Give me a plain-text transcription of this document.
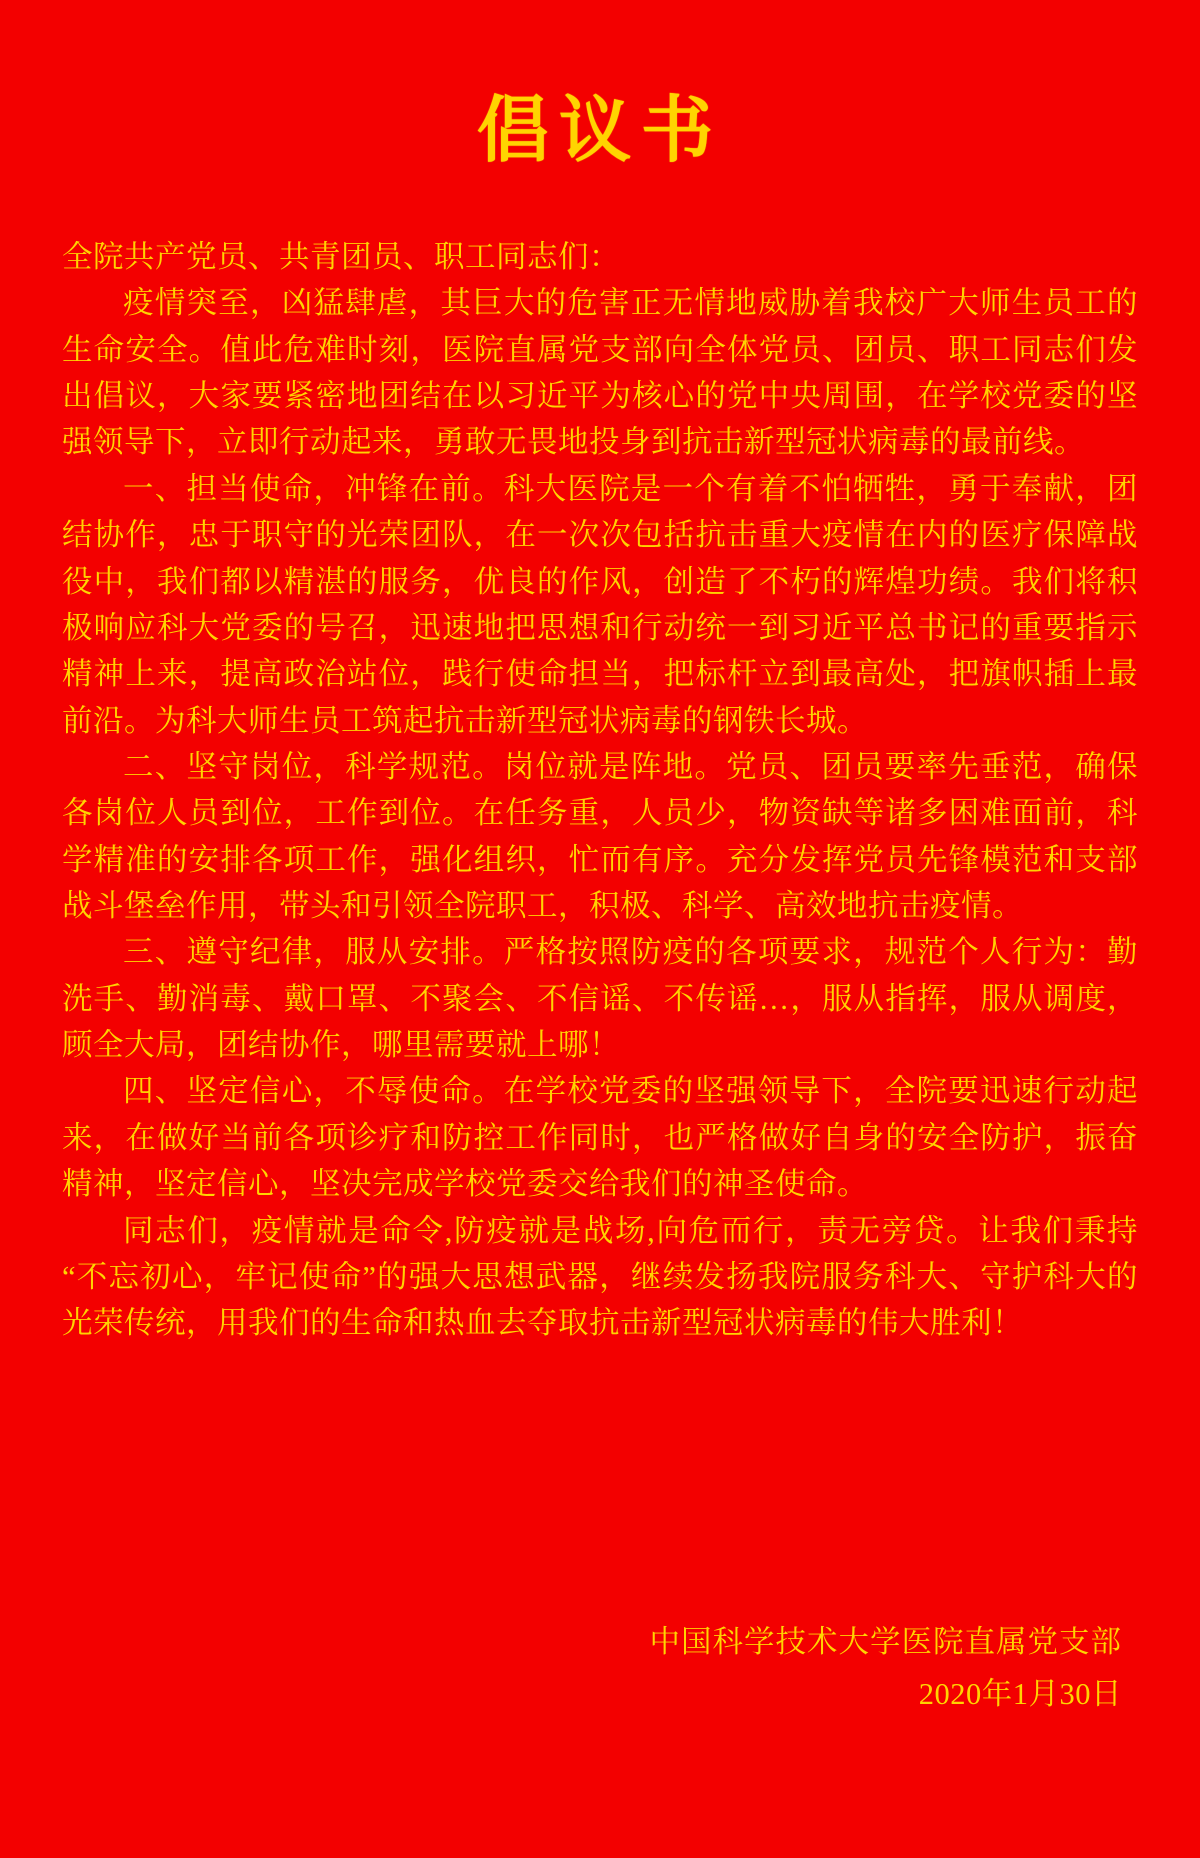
倡议书

全院共产党员、共青团员、职工同志们：

疫情突至，凶猛肆虐，其巨大的危害正无情地威胁着我校广大师生员工的生命安全。值此危难时刻，医院直属党支部向全体党员、团员、职工同志们发出倡议，大家要紧密地团结在以习近平为核心的党中央周围，在学校党委的坚强领导下，立即行动起来，勇敢无畏地投身到抗击新型冠状病毒的最前线。

一、担当使命，冲锋在前。科大医院是一个有着不怕牺牲，勇于奉献，团结协作，忠于职守的光荣团队，在一次次包括抗击重大疫情在内的医疗保障战役中，我们都以精湛的服务，优良的作风，创造了不朽的辉煌功绩。我们将积极响应科大党委的号召，迅速地把思想和行动统一到习近平总书记的重要指示精神上来，提高政治站位，践行使命担当，把标杆立到最高处，把旗帜插上最前沿。为科大师生员工筑起抗击新型冠状病毒的钢铁长城。

二、坚守岗位，科学规范。岗位就是阵地。党员、团员要率先垂范，确保各岗位人员到位，工作到位。在任务重，人员少，物资缺等诸多困难面前，科学精准的安排各项工作，强化组织，忙而有序。充分发挥党员先锋模范和支部战斗堡垒作用，带头和引领全院职工，积极、科学、高效地抗击疫情。

三、遵守纪律，服从安排。严格按照防疫的各项要求，规范个人行为：勤洗手、勤消毒、戴口罩、不聚会、不信谣、不传谣…，服从指挥，服从调度，顾全大局，团结协作，哪里需要就上哪！

四、坚定信心，不辱使命。在学校党委的坚强领导下，全院要迅速行动起来，在做好当前各项诊疗和防控工作同时，也严格做好自身的安全防护，振奋精神，坚定信心，坚决完成学校党委交给我们的神圣使命。

同志们，疫情就是命令,防疫就是战场,向危而行，责无旁贷。让我们秉持“不忘初心，牢记使命”的强大思想武器，继续发扬我院服务科大、守护科大的光荣传统，用我们的生命和热血去夺取抗击新型冠状病毒的伟大胜利！

中国科学技术大学医院直属党支部
2020年1月30日
